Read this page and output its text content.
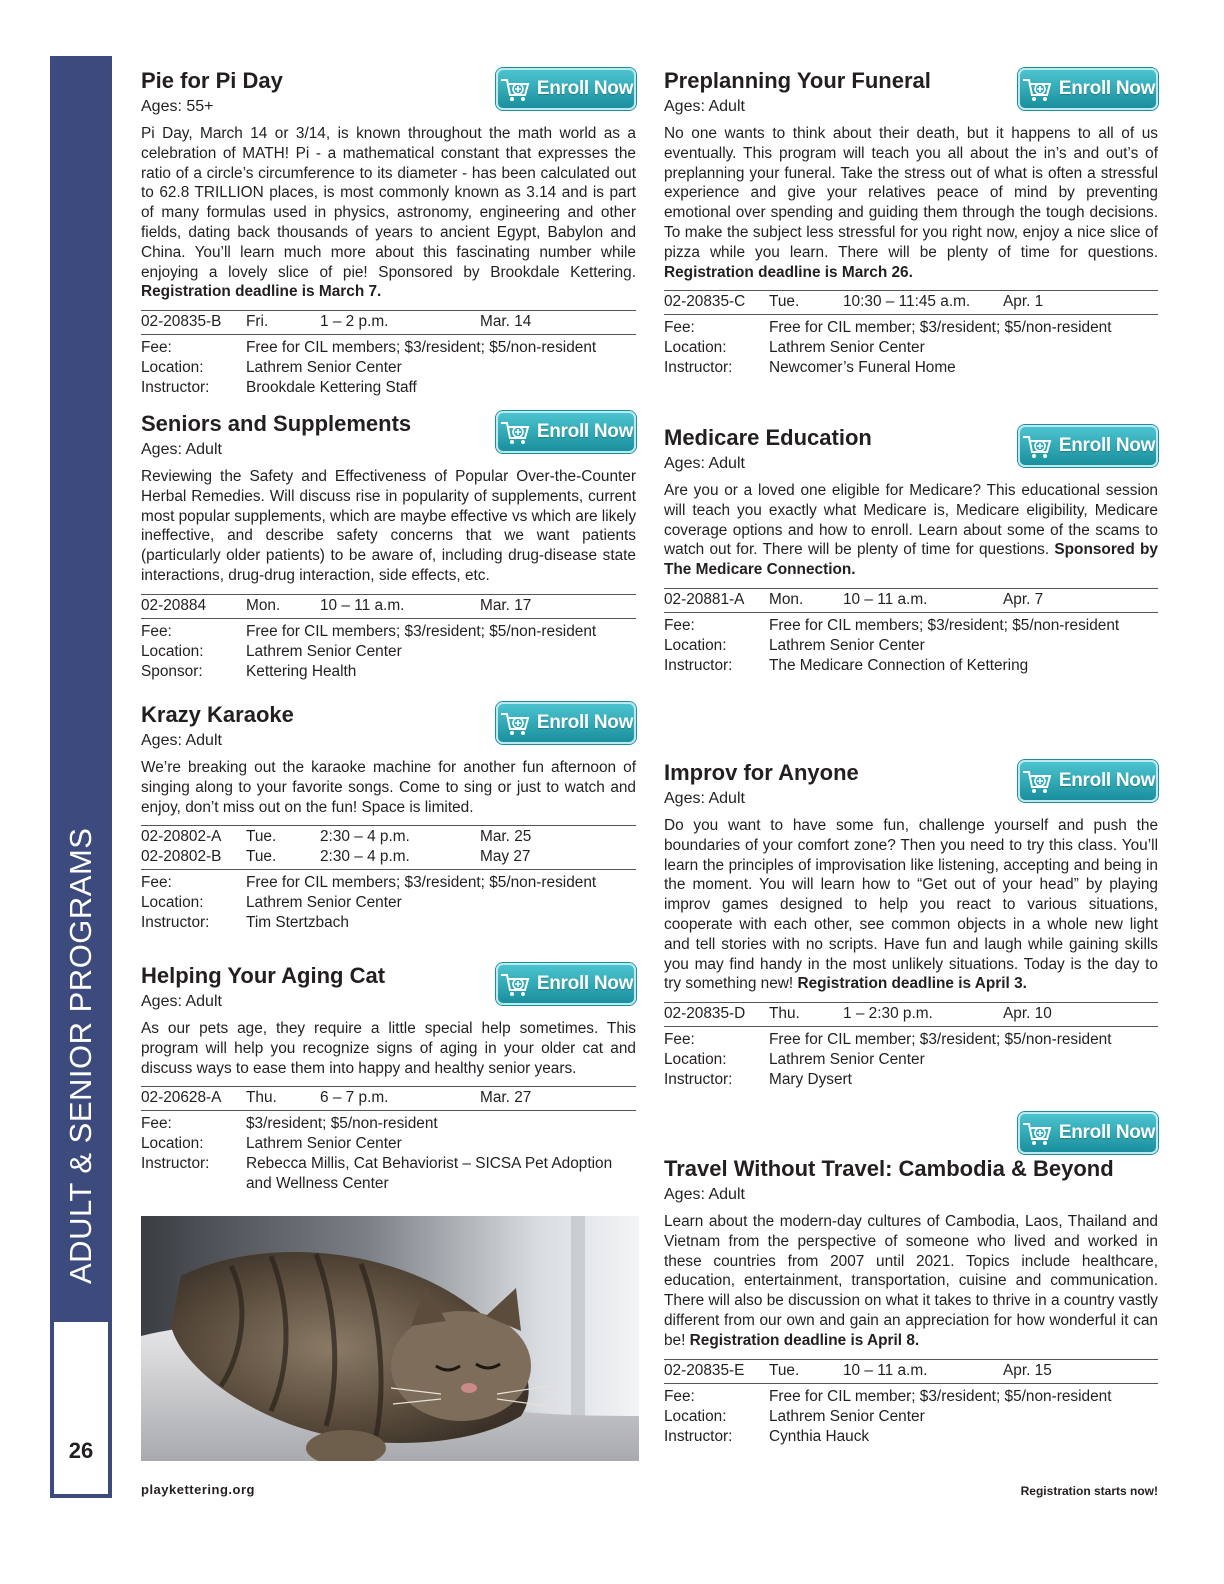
ADULT & SENIOR PROGRAMS
26
Pie for Pi Day
Ages: 55+
Enroll Now

Pi Day, March 14 or 3/14, is known throughout the math world as a celebration of MATH! Pi - a mathematical constant that expresses the ratio of a circle’s circumference to its diameter - has been calculated out to 62.8 TRILLION places, is most commonly known as 3.14 and is part of many formulas used in physics, astronomy, engineering and other fields, dating back thousands of years to ancient Egypt, Babylon and China. You’ll learn much more about this fascinating number while enjoying a lovely slice of pie! Sponsored by Brookdale Kettering. Registration deadline is March 7.

02-20835-B	Fri.	1 – 2 p.m.	Mar. 14
Fee:	Free for CIL members; $3/resident; $5/non-resident
Location:	Lathrem Senior Center
Instructor:	Brookdale Kettering Staff
Seniors and Supplements
Ages: Adult
Enroll Now

Reviewing the Safety and Effectiveness of Popular Over-the-Counter Herbal Remedies. Will discuss rise in popularity of supplements, current most popular supplements, which are maybe effective vs which are likely ineffective, and describe safety concerns that we want patients (particularly older patients) to be aware of, including drug-disease state interactions, drug-drug interaction, side effects, etc.

02-20884	Mon.	10 – 11 a.m.	Mar. 17
Fee:	Free for CIL members; $3/resident; $5/non-resident
Location:	Lathrem Senior Center
Sponsor:	Kettering Health
Krazy Karaoke
Ages: Adult
Enroll Now

We’re breaking out the karaoke machine for another fun afternoon of singing along to your favorite songs. Come to sing or just to watch and enjoy, don’t miss out on the fun! Space is limited.

02-20802-A	Tue.	2:30 – 4 p.m.	Mar. 25
02-20802-B	Tue.	2:30 – 4 p.m.	May 27
Fee:	Free for CIL members; $3/resident; $5/non-resident
Location:	Lathrem Senior Center
Instructor:	Tim Stertzbach
Helping Your Aging Cat
Ages: Adult
Enroll Now

As our pets age, they require a little special help sometimes. This program will help you recognize signs of aging in your older cat and discuss ways to ease them into happy and healthy senior years.

02-20628-A	Thu.	6 – 7 p.m.	Mar. 27
Fee:	$3/resident; $5/non-resident
Location:	Lathrem Senior Center
Instructor:	Rebecca Millis, Cat Behaviorist – SICSA Pet Adoption and Wellness Center
Preplanning Your Funeral
Ages: Adult
Enroll Now

No one wants to think about their death, but it happens to all of us eventually. This program will teach you all about the in’s and out’s of preplanning your funeral. Take the stress out of what is often a stressful experience and give your relatives peace of mind by preventing emotional over spending and guiding them through the tough decisions. To make the subject less stressful for you right now, enjoy a nice slice of pizza while you learn. There will be plenty of time for questions. Registration deadline is March 26.

02-20835-C	Tue.	10:30 – 11:45 a.m.	Apr. 1
Fee:	Free for CIL member; $3/resident; $5/non-resident
Location:	Lathrem Senior Center
Instructor:	Newcomer’s Funeral Home
Medicare Education
Ages: Adult
Enroll Now

Are you or a loved one eligible for Medicare? This educational session will teach you exactly what Medicare is, Medicare eligibility, Medicare coverage options and how to enroll. Learn about some of the scams to watch out for. There will be plenty of time for questions. Sponsored by The Medicare Connection.

02-20881-A	Mon.	10 – 11 a.m.	Apr. 7
Fee:	Free for CIL members; $3/resident; $5/non-resident
Location:	Lathrem Senior Center
Instructor:	The Medicare Connection of Kettering
Improv for Anyone
Ages: Adult
Enroll Now

Do you want to have some fun, challenge yourself and push the boundaries of your comfort zone? Then you need to try this class. You’ll learn the principles of improvisation like listening, accepting and being in the moment. You will learn how to “Get out of your head” by playing improv games designed to help you react to various situations, cooperate with each other, see common objects in a whole new light and tell stories with no scripts. Have fun and laugh while gaining skills you may find handy in the most unlikely situations. Today is the day to try something new! Registration deadline is April 3.

02-20835-D	Thu.	1 – 2:30 p.m.	Apr. 10
Fee:	Free for CIL member; $3/resident; $5/non-resident
Location:	Lathrem Senior Center
Instructor:	Mary Dysert
Enroll Now
Travel Without Travel: Cambodia & Beyond
Ages: Adult

Learn about the modern-day cultures of Cambodia, Laos, Thailand and Vietnam from the perspective of someone who lived and worked in these countries from 2007 until 2021. Topics include healthcare, education, entertainment, transportation, cuisine and communication. There will also be discussion on what it takes to thrive in a country vastly different from our own and gain an appreciation for how wonderful it can be! Registration deadline is April 8.

02-20835-E	Tue.	10 – 11 a.m.	Apr. 15
Fee:	Free for CIL member; $3/resident; $5/non-resident
Location:	Lathrem Senior Center
Instructor:	Cynthia Hauck
playkettering.org	Registration starts now!
